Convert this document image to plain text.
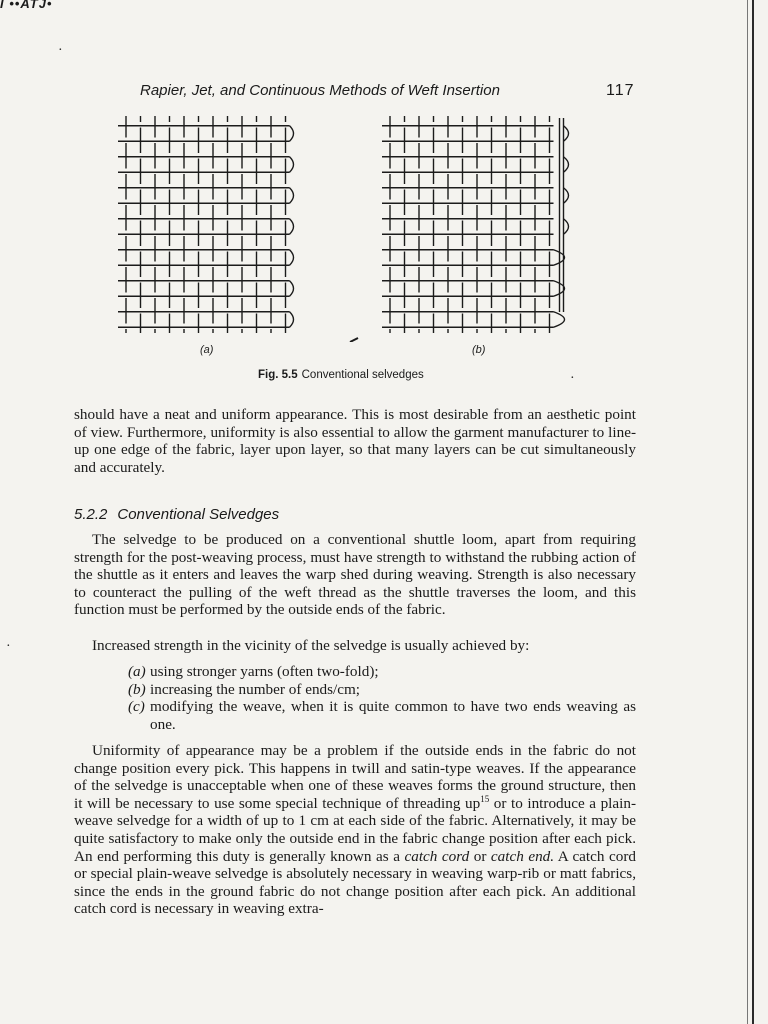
I ••ATJ•
·
·
·
Rapier, Jet, and Continuous Methods of Weft Insertion	117
(a)	(b)
Fig. 5.5 Conventional selvedges

should have a neat and uniform appearance. This is most desirable from an aesthetic point of view. Furthermore, uniformity is also essential to allow the garment manufacturer to line-up one edge of the fabric, layer upon layer, so that many layers can be cut simultaneously and accurately.

5.2.2 Conventional Selvedges

The selvedge to be produced on a conventional shuttle loom, apart from requiring strength for the post-weaving process, must have strength to withstand the rubbing action of the shuttle as it enters and leaves the warp shed during weaving. Strength is also necessary to counteract the pulling of the weft thread as the shuttle traverses the loom, and this function must be performed by the outside ends of the fabric.

Increased strength in the vicinity of the selvedge is usually achieved by:

(a) using stronger yarns (often two-fold);
(b) increasing the number of ends/cm;
(c) modifying the weave, when it is quite common to have two ends weaving as one.

Uniformity of appearance may be a problem if the outside ends in the fabric do not change position every pick. This happens in twill and satin-type weaves. If the appearance of the selvedge is unacceptable when one of these weaves forms the ground structure, then it will be necessary to use some special technique of threading $up^{15}$ or to introduce a plain-weave selvedge for a width of up to 1 cm at each side of the fabric. Alternatively, it may be quite satisfactory to make only the outside end in the fabric change position after each pick. An end performing this duty is generally known as a catch cord or catch end. A catch cord or special plain-weave selvedge is absolutely necessary in weaving warp-rib or matt fabrics, since the ends in the ground fabric do not change position after each pick. An additional catch cord is necessary in weaving extra-
